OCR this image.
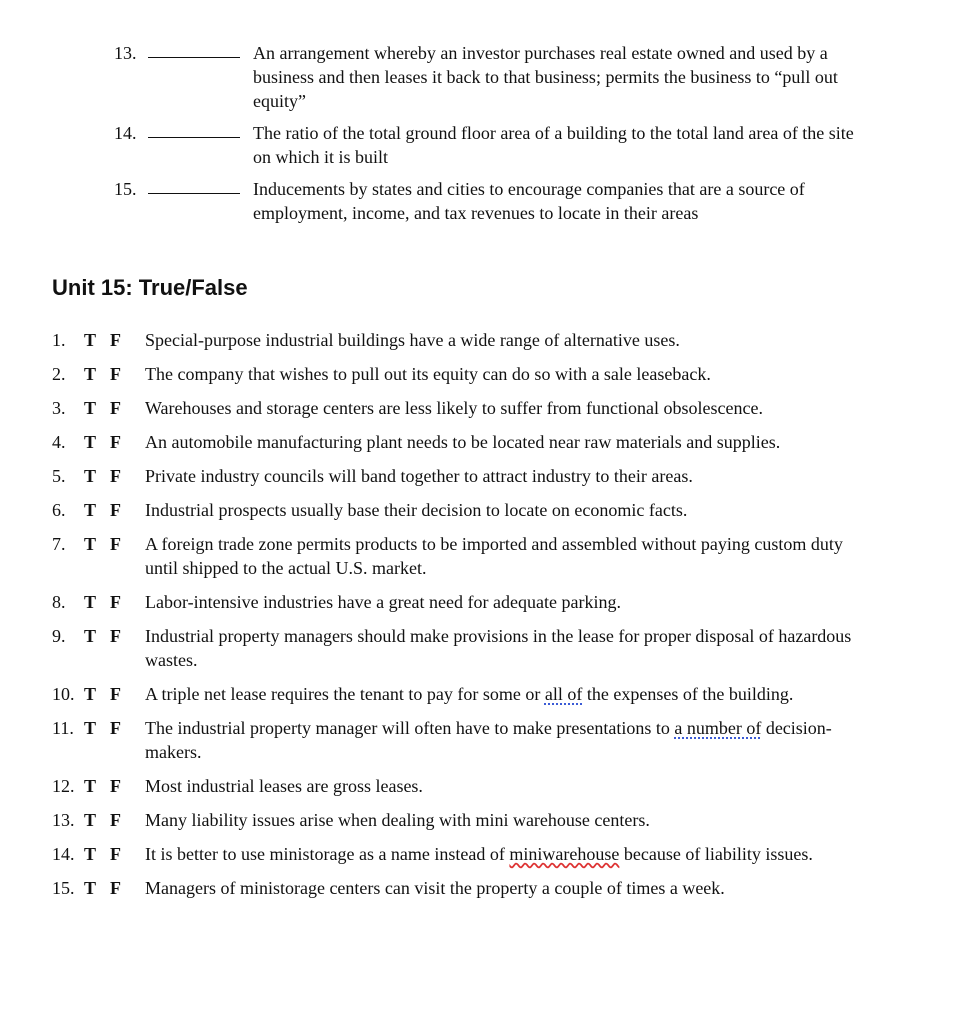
13.	An arrangement whereby an investor purchases real estate owned and used by a business and then leases it back to that business; permits the business to “pull out equity”
14.	The ratio of the total ground floor area of a building to the total land area of the site on which it is built
15.	Inducements by states and cities to encourage companies that are a source of employment, income, and tax revenues to locate in their areas
Unit 15: True/False
1. T F Special-purpose industrial buildings have a wide range of alternative uses.
2. T F The company that wishes to pull out its equity can do so with a sale leaseback.
3. T F Warehouses and storage centers are less likely to suffer from functional obsolescence.
4. T F An automobile manufacturing plant needs to be located near raw materials and supplies.
5. T F Private industry councils will band together to attract industry to their areas.
6. T F Industrial prospects usually base their decision to locate on economic facts.
7. T F A foreign trade zone permits products to be imported and assembled without paying custom duty until shipped to the actual U.S. market.
8. T F Labor-intensive industries have a great need for adequate parking.
9. T F Industrial property managers should make provisions in the lease for proper disposal of hazardous wastes.
10. T F A triple net lease requires the tenant to pay for some or all of the expenses of the building.
11. T F The industrial property manager will often have to make presentations to a number of decision-makers.
12. T F Most industrial leases are gross leases.
13. T F Many liability issues arise when dealing with mini warehouse centers.
14. T F It is better to use ministorage as a name instead of miniwarehouse because of liability issues.
15. T F Managers of ministorage centers can visit the property a couple of times a week.
